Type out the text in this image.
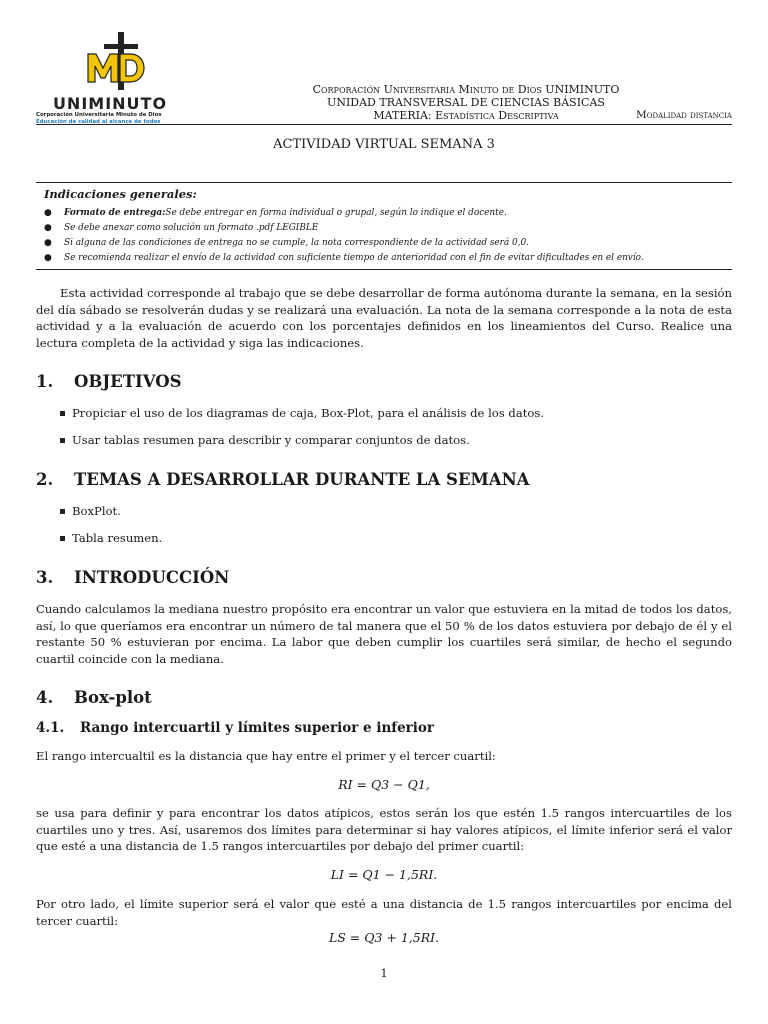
UNIMINUTO
Corporación Universitaria Minuto de Dios
Educación de calidad al alcance de todos
Corporación Universitaria Minuto de Dios UNIMINUTO
UNIDAD TRANSVERSAL DE CIENCIAS BÁSICAS
MATERIA: Estadística Descriptiva	Modalidad distancia
ACTIVIDAD VIRTUAL SEMANA 3
Indicaciones generales:
●	Formato de entrega: Se debe entregar en forma individual o grupal, según lo indique el docente.
●	Se debe anexar como solución un formato .pdf LEGIBLE
●	Si alguna de las condiciones de entrega no se cumple, la nota correspondiente de la actividad será 0,0.
●	Se recomienda realizar el envío de la actividad con suficiente tiempo de anterioridad con el fin de evitar dificultades en el envío.

Esta actividad corresponde al trabajo que se debe desarrollar de forma autónoma durante la semana, en la sesión del día sábado se resolverán dudas y se realizará una evaluación. La nota de la semana corresponde a la nota de esta actividad y a la evaluación de acuerdo con los porcentajes definidos en los lineamientos del Curso. Realice una lectura completa de la actividad y siga las indicaciones.

1. OBJETIVOS
Propiciar el uso de los diagramas de caja, Box-Plot, para el análisis de los datos.
Usar tablas resumen para describir y comparar conjuntos de datos.
2. TEMAS A DESARROLLAR DURANTE LA SEMANA
BoxPlot.
Tabla resumen.
3. INTRODUCCIÓN

Cuando calculamos la mediana nuestro propósito era encontrar un valor que estuviera en la mitad de todos los datos, así, lo que queríamos era encontrar un número de tal manera que el 50 % de los datos estuviera por debajo de él y el restante 50 % estuvieran por encima. La labor que deben cumplir los cuartiles será similar, de hecho el segundo cuartil coincide con la mediana.

4. Box-plot
4.1. Rango intercuartil y límites superior e inferior

El rango intercualtil es la distancia que hay entre el primer y el tercer cuartil:

RI = Q3 − Q1,

se usa para definir y para encontrar los datos atípicos, estos serán los que estén 1.5 rangos intercuartiles de los cuartiles uno y tres. Así, usaremos dos límites para determinar si hay valores atípicos, el límite inferior será el valor que esté a una distancia de 1.5 rangos intercuartiles por debajo del primer cuartil:

LI = Q1 − 1,5RI.

Por otro lado, el límite superior será el valor que esté a una distancia de 1.5 rangos intercuartiles por encima del tercer cuartil:

LS = Q3 + 1,5RI.
1
